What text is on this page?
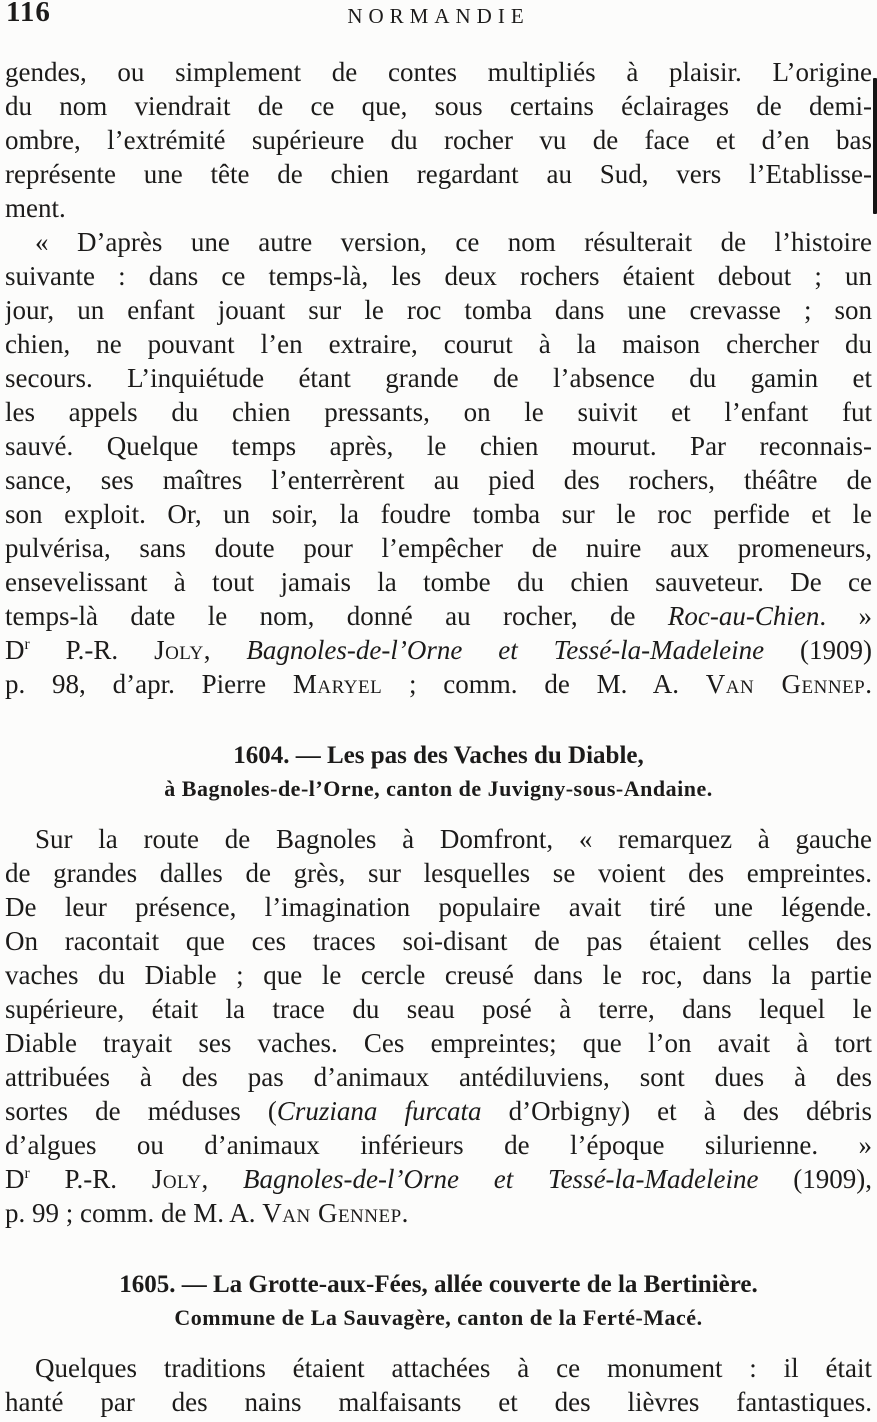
116	NORMANDIE
gendes, ou simplement de contes multipliés à plaisir. L’origine
du nom viendrait de ce que, sous certains éclairages de demi-
ombre, l’extrémité supérieure du rocher vu de face et d’en bas
représente une tête de chien regardant au Sud, vers l’Etablisse-
ment.
« D’après une autre version, ce nom résulterait de l’histoire
suivante : dans ce temps-là, les deux rochers étaient debout ; un
jour, un enfant jouant sur le roc tomba dans une crevasse ; son
chien, ne pouvant l’en extraire, courut à la maison chercher du
secours. L’inquiétude étant grande de l’absence du gamin et
les appels du chien pressants, on le suivit et l’enfant fut
sauvé. Quelque temps après, le chien mourut. Par reconnais-
sance, ses maîtres l’enterrèrent au pied des rochers, théâtre de
son exploit. Or, un soir, la foudre tomba sur le roc perfide et le
pulvérisa, sans doute pour l’empêcher de nuire aux promeneurs,
ensevelissant à tout jamais la tombe du chien sauveteur. De ce
temps-là date le nom, donné au rocher, de Roc-au-Chien. »
$D^r$ P.-R. Joly, Bagnoles-de-l’Orne et Tessé-la-Madeleine (1909)
p. 98, d’apr. Pierre Maryel ; comm. de M. A. Van Gennep.
1604. — Les pas des Vaches du Diable,
à Bagnoles-de-l’Orne, canton de Juvigny-sous-Andaine.
Sur la route de Bagnoles à Domfront, « remarquez à gauche
de grandes dalles de grès, sur lesquelles se voient des empreintes.
De leur présence, l’imagination populaire avait tiré une légende.
On racontait que ces traces soi-disant de pas étaient celles des
vaches du Diable ; que le cercle creusé dans le roc, dans la partie
supérieure, était la trace du seau posé à terre, dans lequel le
Diable trayait ses vaches. Ces empreintes; que l’on avait à tort
attribuées à des pas d’animaux antédiluviens, sont dues à des
sortes de méduses (Cruziana furcata d’Orbigny) et à des débris
d’algues ou d’animaux inférieurs de l’époque silurienne. »
$D^r$ P.-R. Joly, Bagnoles-de-l’Orne et Tessé-la-Madeleine (1909),
p. 99 ; comm. de M. A. Van Gennep.
1605. — La Grotte-aux-Fées, allée couverte de la Bertinière.
Commune de La Sauvagère, canton de la Ferté-Macé.
Quelques traditions étaient attachées à ce monument : il était
hanté par des nains malfaisants et des lièvres fantastiques.
